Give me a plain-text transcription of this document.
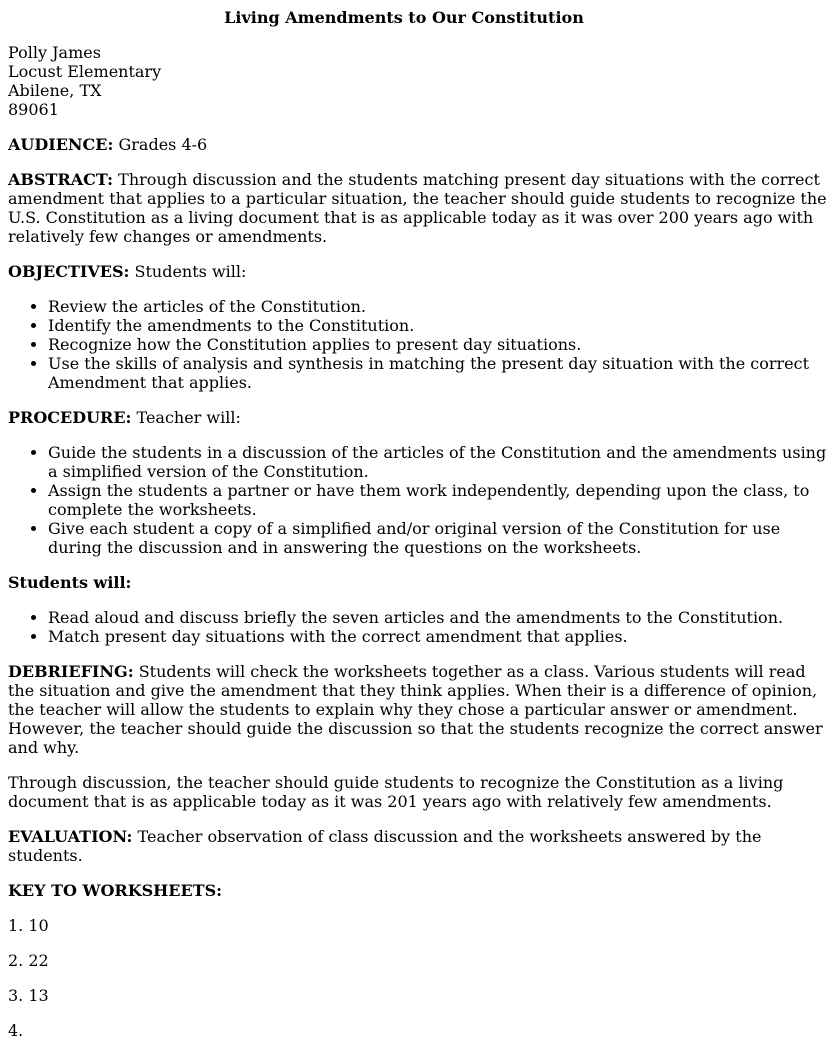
Living Amendments to Our Constitution
Polly James
Locust Elementary
Abilene, TX
89061

AUDIENCE: Grades 4-6

ABSTRACT: Through discussion and the students matching present day situations with the correct amendment that applies to a particular situation, the teacher should guide students to recognize the U.S. Constitution as a living document that is as applicable today as it was over 200 years ago with relatively few changes or amendments.

OBJECTIVES: Students will:

• Review the articles of the Constitution.
• Identify the amendments to the Constitution.
• Recognize how the Constitution applies to present day situations.
• Use the skills of analysis and synthesis in matching the present day situation with the correct Amendment that applies.

PROCEDURE: Teacher will:

• Guide the students in a discussion of the articles of the Constitution and the amendments using a simplified version of the Constitution.
• Assign the students a partner or have them work independently, depending upon the class, to complete the worksheets.
• Give each student a copy of a simplified and/or original version of the Constitution for use during the discussion and in answering the questions on the worksheets.

Students will:

• Read aloud and discuss briefly the seven articles and the amendments to the Constitution.
• Match present day situations with the correct amendment that applies.

DEBRIEFING: Students will check the worksheets together as a class. Various students will read the situation and give the amendment that they think applies. When their is a difference of opinion, the teacher will allow the students to explain why they chose a particular answer or amendment. However, the teacher should guide the discussion so that the students recognize the correct answer and why.

Through discussion, the teacher should guide students to recognize the Constitution as a living document that is as applicable today as it was 201 years ago with relatively few amendments.

EVALUATION: Teacher observation of class discussion and the worksheets answered by the students.

KEY TO WORKSHEETS:

1. 10

2. 22

3. 13

4.
